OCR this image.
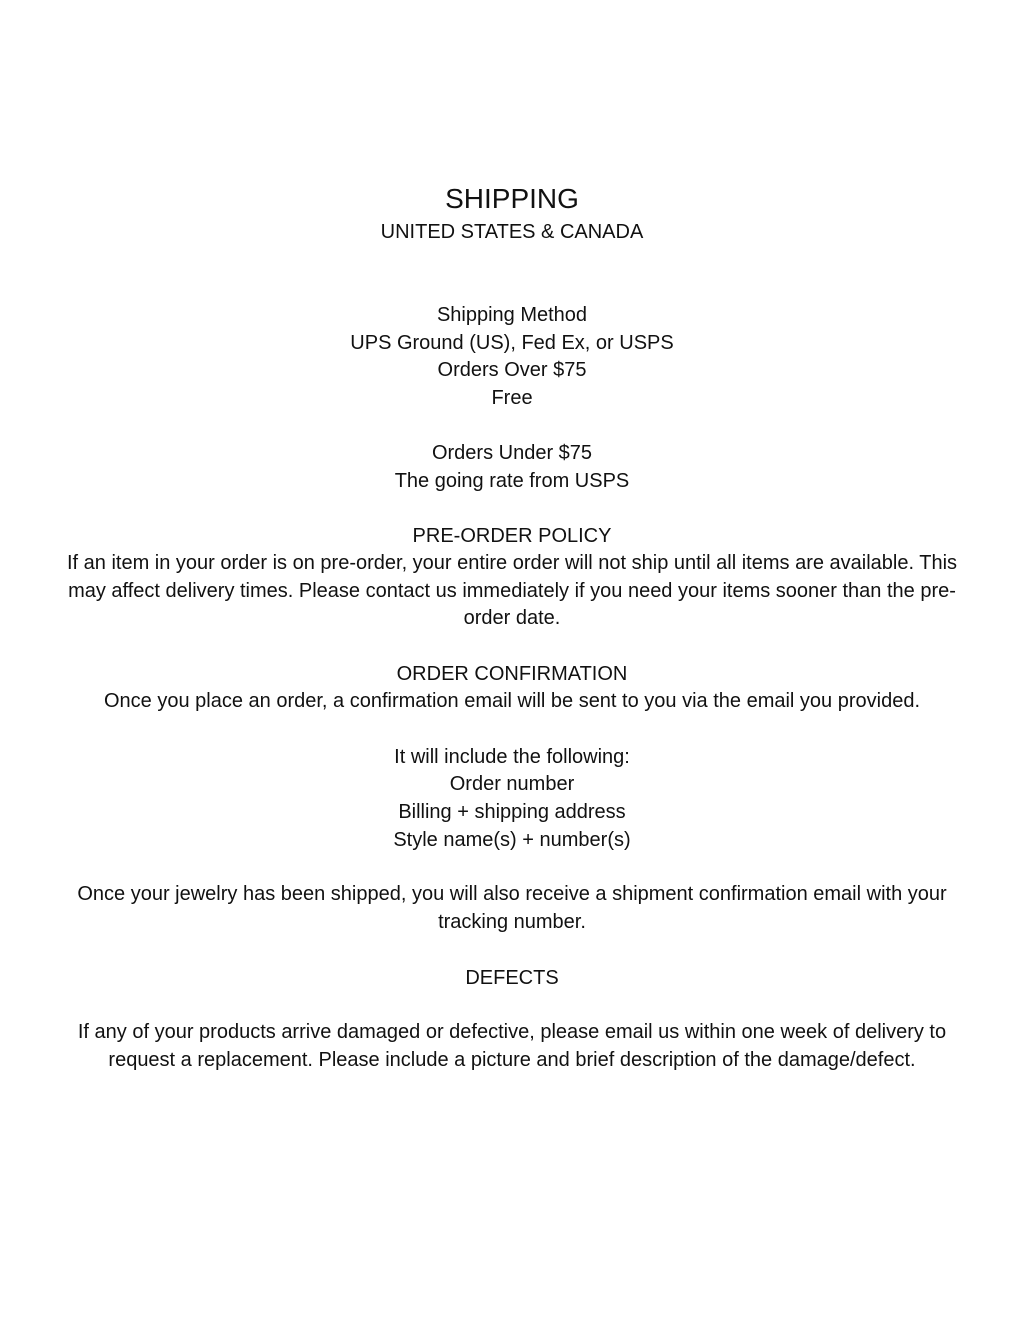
SHIPPING
UNITED STATES & CANADA
Shipping Method
UPS Ground (US), Fed Ex, or USPS
Orders Over $75
Free
Orders Under $75
The going rate from USPS
PRE-ORDER POLICY
If an item in your order is on pre-order, your entire order will not ship until all items are available. This may affect delivery times. Please contact us immediately if you need your items sooner than the pre-order date.
ORDER CONFIRMATION
Once you place an order, a confirmation email will be sent to you via the email you provided.
It will include the following:
Order number
Billing + shipping address
Style name(s) + number(s)
Once your jewelry has been shipped, you will also receive a shipment confirmation email with your tracking number.
DEFECTS
If any of your products arrive damaged or defective, please email us within one week of delivery to request a replacement. Please include a picture and brief description of the damage/defect.
